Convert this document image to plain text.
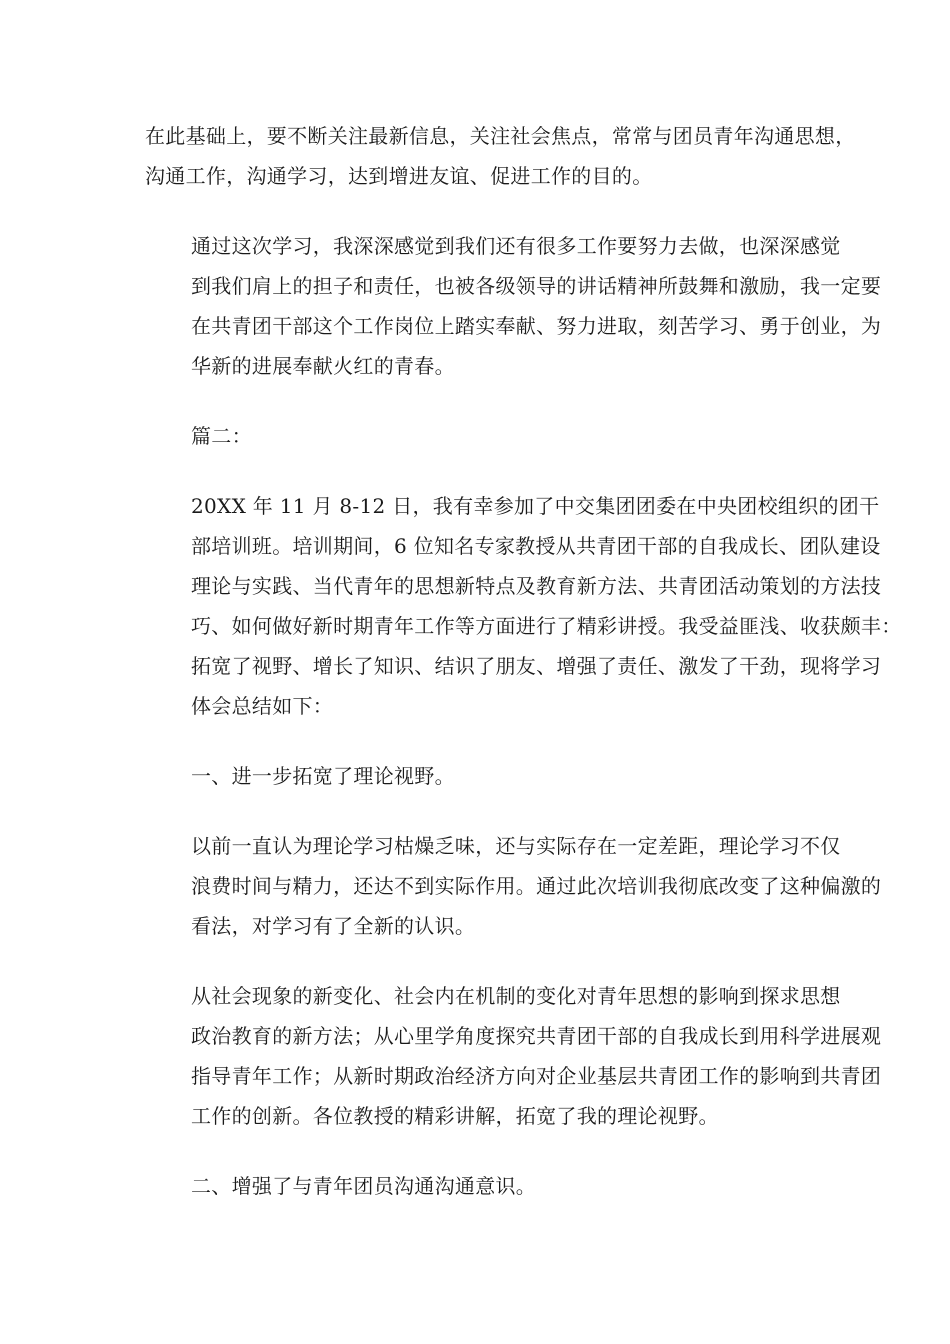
在此基础上，要不断关注最新信息，关注社会焦点，常常与团员青年沟通思想，
沟通工作，沟通学习，达到增进友谊、促进工作的目的。

通过这次学习，我深深感觉到我们还有很多工作要努力去做，也深深感觉
到我们肩上的担子和责任，也被各级领导的讲话精神所鼓舞和激励，我一定要
在共青团干部这个工作岗位上踏实奉献、努力进取，刻苦学习、勇于创业，为
华新的进展奉献火红的青春。

篇二：

20XX 年 11 月 8-12 日，我有幸参加了中交集团团委在中央团校组织的团干
部培训班。培训期间，6 位知名专家教授从共青团干部的自我成长、团队建设
理论与实践、当代青年的思想新特点及教育新方法、共青团活动策划的方法技
巧、如何做好新时期青年工作等方面进行了精彩讲授。我受益匪浅、收获颇丰：
拓宽了视野、增长了知识、结识了朋友、增强了责任、激发了干劲，现将学习
体会总结如下：

一、进一步拓宽了理论视野。

以前一直认为理论学习枯燥乏味，还与实际存在一定差距，理论学习不仅
浪费时间与精力，还达不到实际作用。通过此次培训我彻底改变了这种偏激的
看法，对学习有了全新的认识。

从社会现象的新变化、社会内在机制的变化对青年思想的影响到探求思想
政治教育的新方法；从心里学角度探究共青团干部的自我成长到用科学进展观
指导青年工作；从新时期政治经济方向对企业基层共青团工作的影响到共青团
工作的创新。各位教授的精彩讲解，拓宽了我的理论视野。

二、增强了与青年团员沟通沟通意识。
